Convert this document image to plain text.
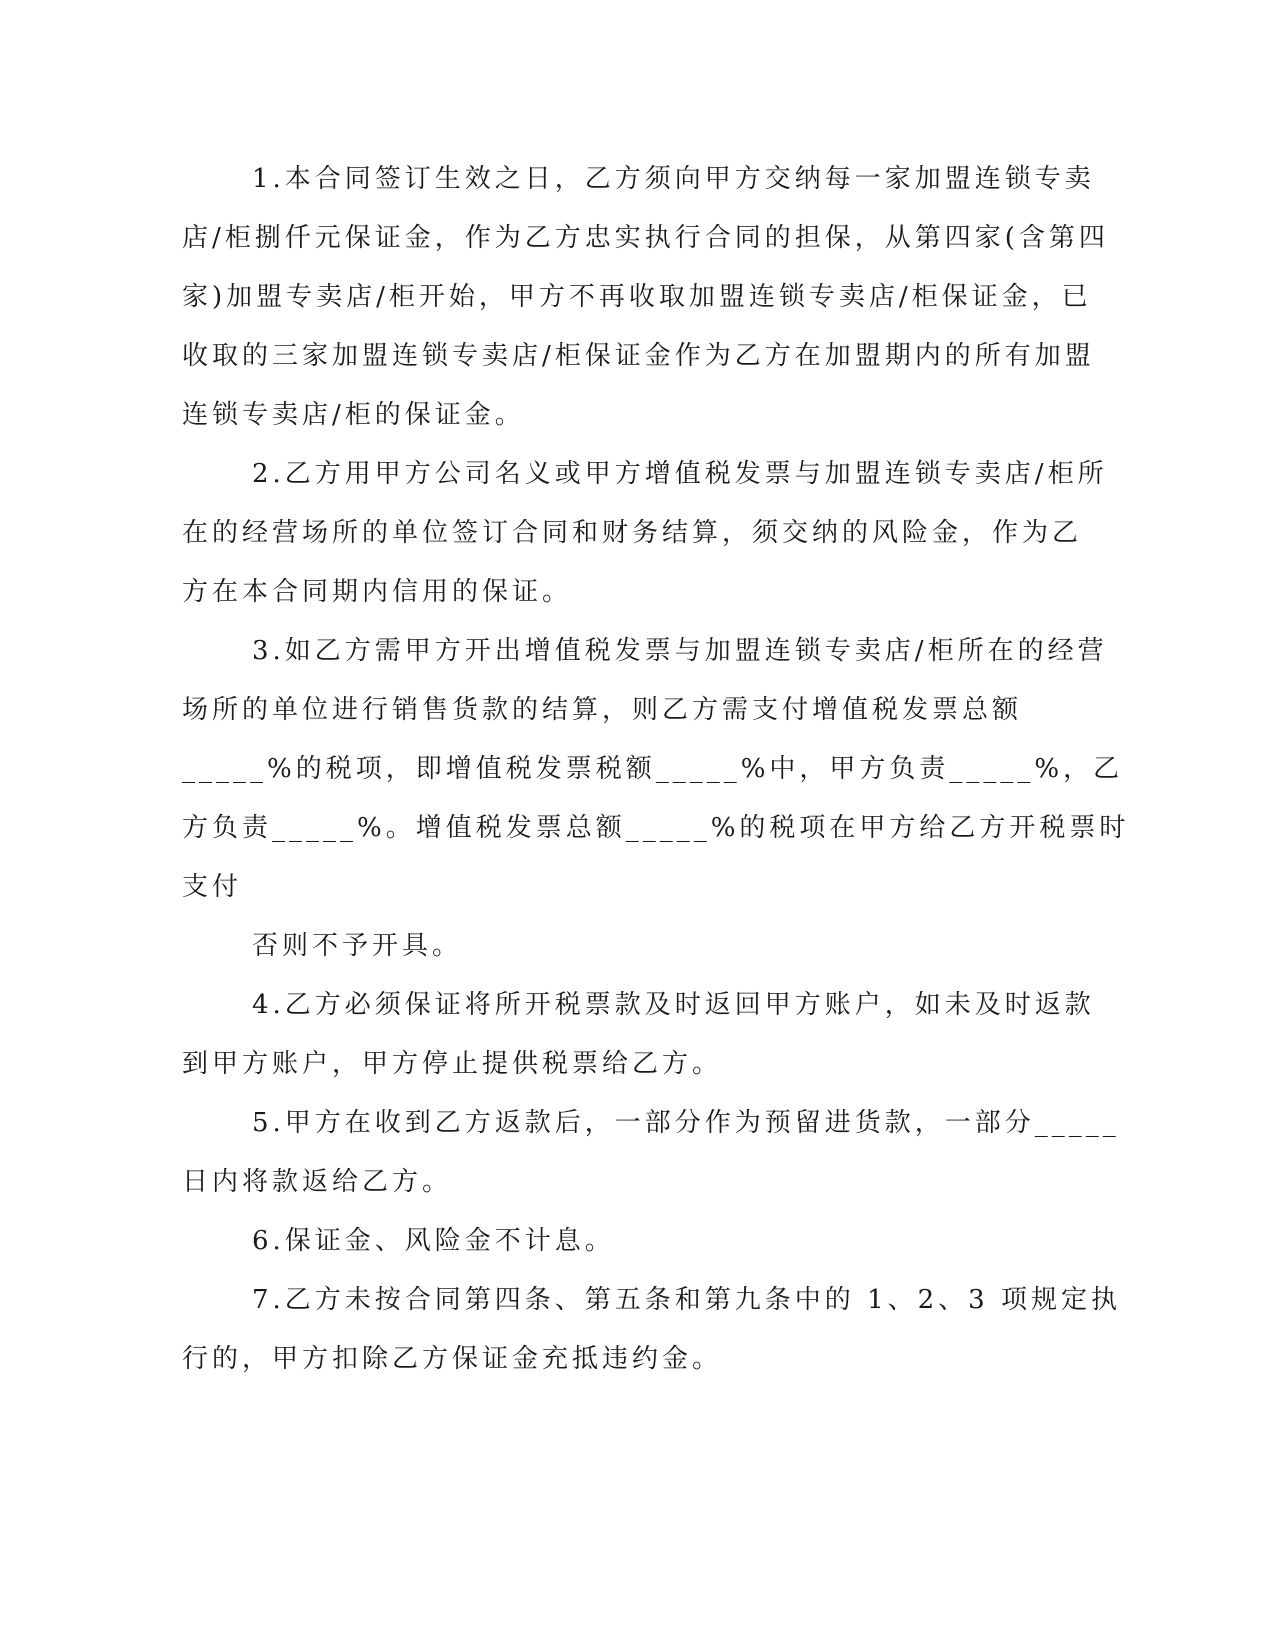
1.本合同签订生效之日，乙方须向甲方交纳每一家加盟连锁专卖
店/柜捌仟元保证金，作为乙方忠实执行合同的担保，从第四家(含第四
家)加盟专卖店/柜开始，甲方不再收取加盟连锁专卖店/柜保证金，已
收取的三家加盟连锁专卖店/柜保证金作为乙方在加盟期内的所有加盟
连锁专卖店/柜的保证金。
2.乙方用甲方公司名义或甲方增值税发票与加盟连锁专卖店/柜所
在的经营场所的单位签订合同和财务结算，须交纳的风险金，作为乙
方在本合同期内信用的保证。
3.如乙方需甲方开出增值税发票与加盟连锁专卖店/柜所在的经营
场所的单位进行销售货款的结算，则乙方需支付增值税发票总额
_____%的税项，即增值税发票税额_____%中，甲方负责_____%，乙
方负责_____%。增值税发票总额_____%的税项在甲方给乙方开税票时
支付
否则不予开具。
4.乙方必须保证将所开税票款及时返回甲方账户，如未及时返款
到甲方账户，甲方停止提供税票给乙方。
5.甲方在收到乙方返款后，一部分作为预留进货款，一部分_____
日内将款返给乙方。
6.保证金、风险金不计息。
7.乙方未按合同第四条、第五条和第九条中的 1、2、3 项规定执
行的，甲方扣除乙方保证金充抵违约金。
